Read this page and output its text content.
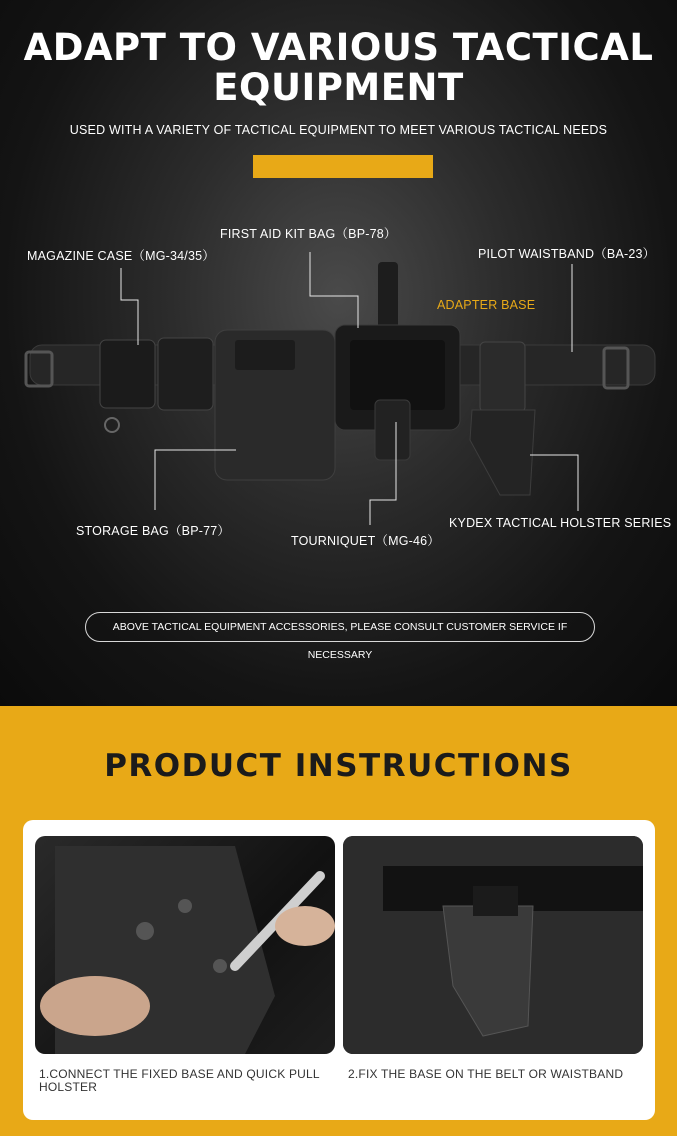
ADAPT TO VARIOUS TACTICAL
EQUIPMENT
USED WITH A VARIETY OF TACTICAL EQUIPMENT TO MEET VARIOUS TACTICAL NEEDS
FIRST AID KIT BAG（BP-78）
MAGAZINE CASE（MG-34/35）	PILOT WAISTBAND（BA-23）
ADAPTER BASE
STORAGE BAG（BP-77）
TOURNIQUET（MG-46）
KYDEX TACTICAL HOLSTER SERIES
ABOVE TACTICAL EQUIPMENT ACCESSORIES, PLEASE CONSULT CUSTOMER SERVICE IF NECESSARY
PRODUCT INSTRUCTIONS
1.CONNECT THE FIXED BASE AND QUICK PULL HOLSTER
2.FIX THE BASE ON THE BELT OR WAISTBAND
